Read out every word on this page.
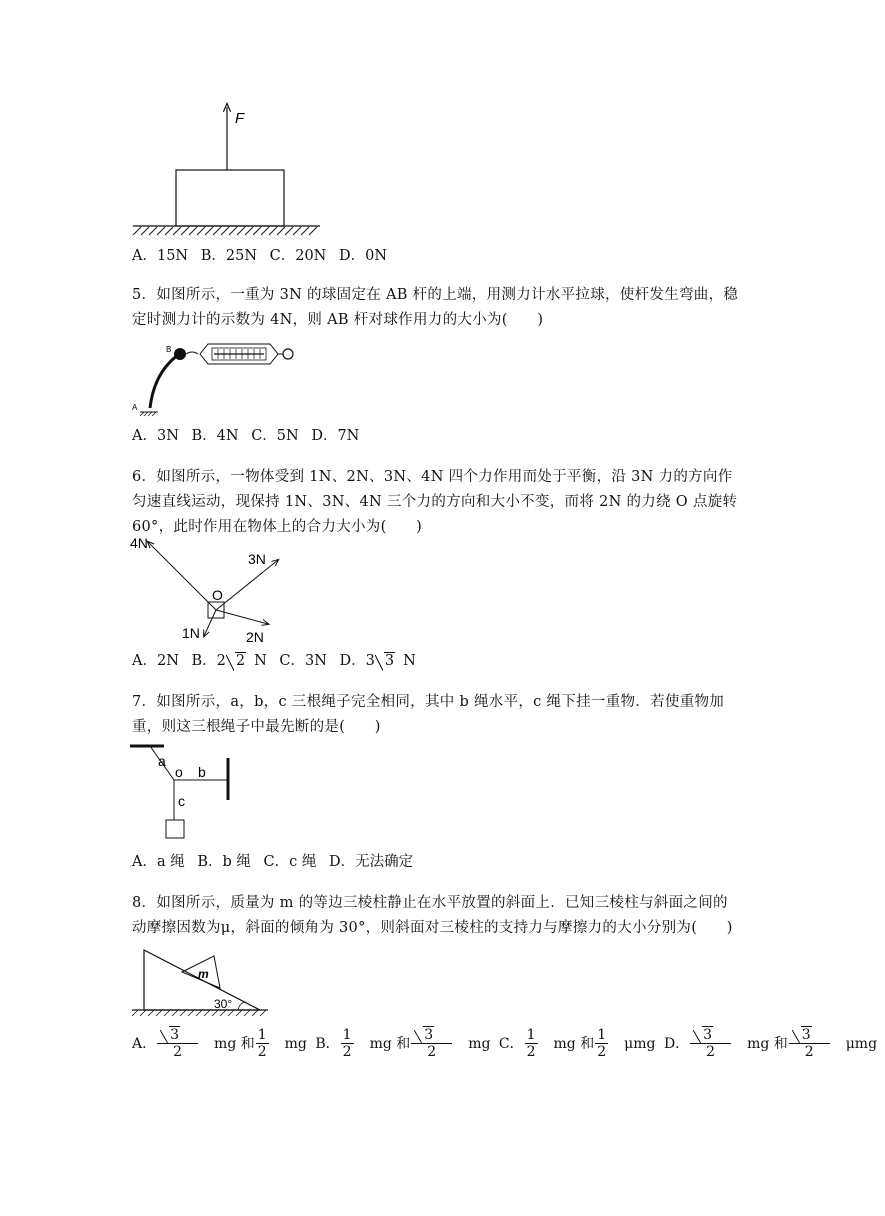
F
A．15N B．25N C．20N D．0N
5．如图所示，一重为 3N 的球固定在 AB 杆的上端，用测力计水平拉球，使杆发生弯曲，稳定时测力计的示数为 4N，则 AB 杆对球作用力的大小为(　　)
B
A
A．3N B．4N C．5N D．7N
6．如图所示，一物体受到 1N、2N、3N、4N 四个力作用而处于平衡，沿 3N 力的方向作匀速直线运动，现保持 1N、3N、4N 三个力的方向和大小不变，而将 2N 的力绕 O 点旋转 60°，此时作用在物体上的合力大小为(　　)
4N
3N
O
1N	2N
A．2N B．2 2 N C．3N D．3 3 N
7．如图所示，a，b，c 三根绳子完全相同，其中 b 绳水平，c 绳下挂一重物．若使重物加重，则这三根绳子中最先断的是(　　)
a
o b
c
A．a 绳 B．b 绳 C．c 绳 D．无法确定
8．如图所示，质量为 m 的等边三棱柱静止在水平放置的斜面上．已知三棱柱与斜面之间的动摩擦因数为μ，斜面的倾角为 30°，则斜面对三棱柱的支持力与摩擦力的大小分别为(　　)
m
30°
A． $\frac{3}{2}$ mg 和 $\frac{1}{2}$ mg B． $\frac{1}{2}$ mg 和 $\frac{3}{2}$ mg C． $\frac{1}{2}$ mg 和 $\frac{1}{2}$ μmg D． $\frac{3}{2}$ mg 和 $\frac{3}{2}$ μmg
